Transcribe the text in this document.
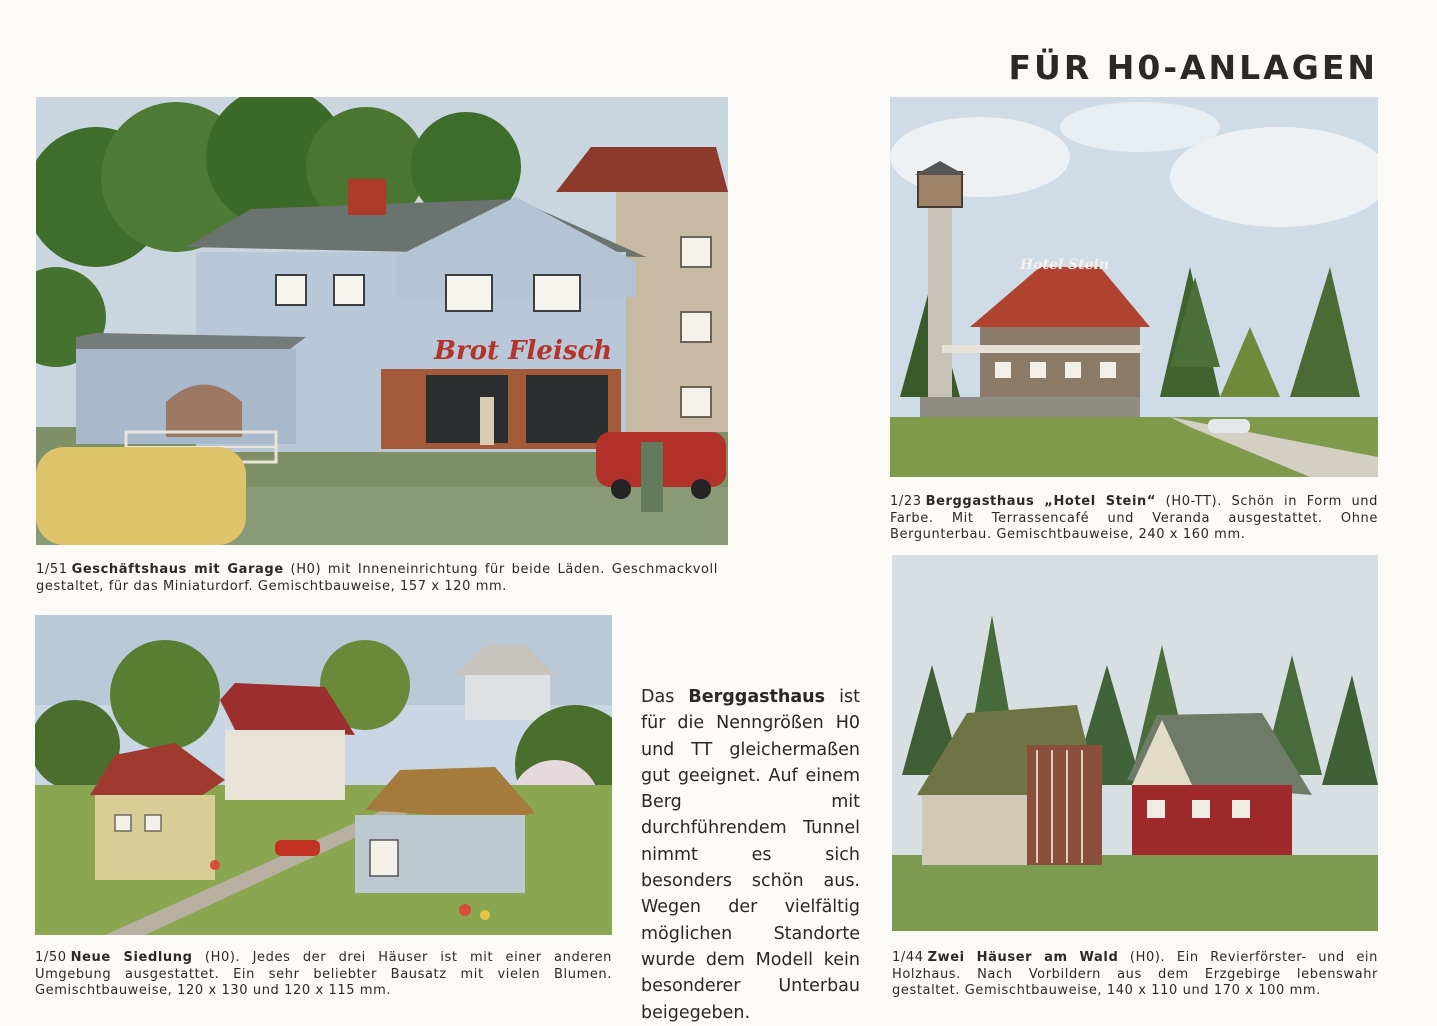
FÜR H0-ANLAGEN
Brot Fleisch
1/51 Geschäftshaus mit Garage (H0) mit Inneneinrichtung für beide Läden. Geschmackvoll gestaltet, für das Miniaturdorf. Gemischtbauweise, 157 x 120 mm.
Hotel Stein
1/23 Berggasthaus „Hotel Stein“ (H0-TT). Schön in Form und Farbe. Mit Terrassencafé und Veranda ausgestattet. Ohne Bergunterbau. Gemischtbauweise, 240 x 160 mm.
1/50 Neue Siedlung (H0). Jedes der drei Häuser ist mit einer anderen Umgebung ausgestattet. Ein sehr beliebter Bausatz mit vielen Blumen. Gemischtbauweise, 120 x 130 und 120 x 115 mm.
Das Berggasthaus ist für die Nenngrößen H0 und TT gleichermaßen gut geeignet. Auf einem Berg mit durchführendem Tunnel nimmt es sich besonders schön aus. Wegen der vielfältig möglichen Standorte wurde dem Modell kein besonderer Unterbau beigegeben.
1/44 Zwei Häuser am Wald (H0). Ein Revierförster- und ein Holzhaus. Nach Vorbildern aus dem Erzgebirge lebenswahr gestaltet. Gemischtbauweise, 140 x 110 und 170 x 100 mm.
